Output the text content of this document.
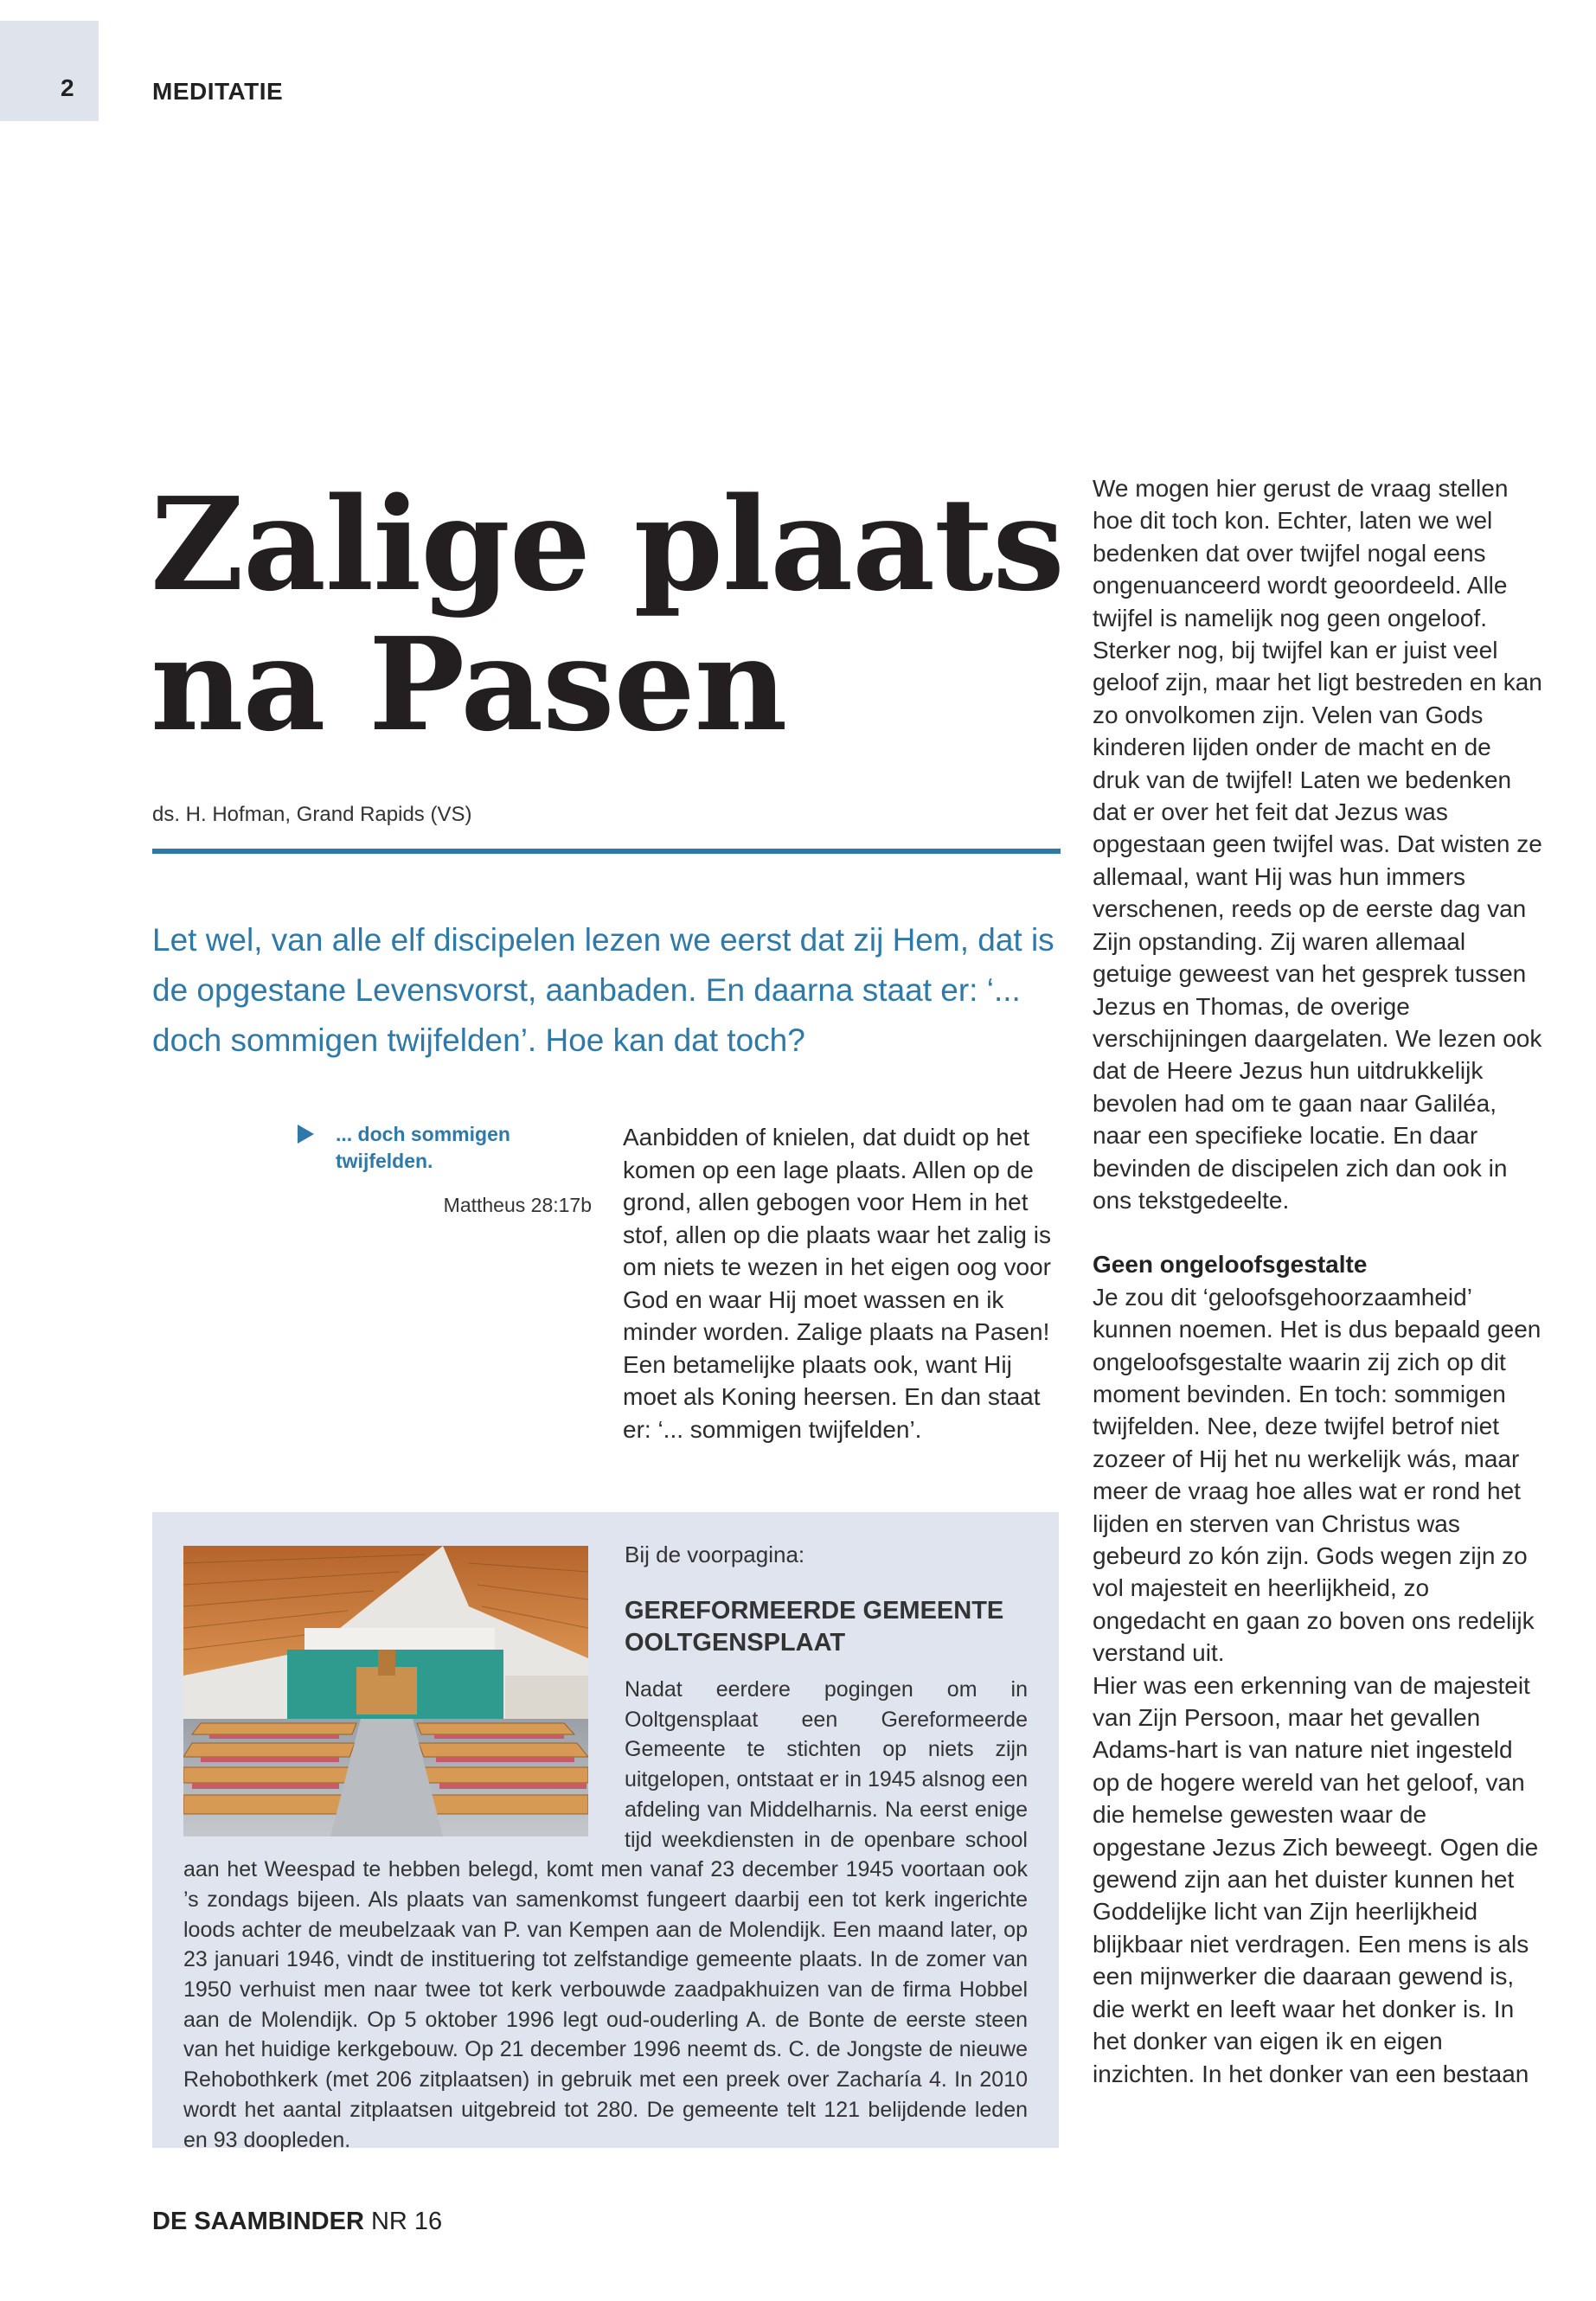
2	MEDITATIE
Zalige plaats
na Pasen
ds. H. Hofman, Grand Rapids (VS)

Let wel, van alle elf discipelen lezen we eerst dat zij Hem, dat is de opgestane Levensvorst, aanbaden. En daarna staat er: ‘... doch sommigen twijfelden’. Hoe kan dat toch?

... doch sommigen twijfelden.
Mattheus 28:17b

Aanbidden of knielen, dat duidt op het komen op een lage plaats. Allen op de grond, allen gebogen voor Hem in het stof, allen op die plaats waar het zalig is om niets te wezen in het eigen oog voor God en waar Hij moet wassen en ik minder worden. Zalige plaats na Pasen! Een betamelijke plaats ook, want Hij moet als Koning heersen. En dan staat er: ‘... sommigen twijfelden’.

Bij de voorpagina:
GEREFORMEERDE GEMEENTE OOLTGENSPLAAT
Nadat eerdere pogingen om in Ooltgensplaat een Gereformeerde Gemeente te stichten op niets zijn uitgelopen, ontstaat er in 1945 alsnog een afdeling van Middelharnis. Na eerst enige tijd weekdiensten in de openbare school aan het Weespad te hebben belegd, komt men vanaf 23 december 1945 voortaan ook ’s zondags bijeen. Als plaats van samenkomst fungeert daarbij een tot kerk ingerichte loods achter de meubelzaak van P. van Kempen aan de Molendijk. Een maand later, op 23 januari 1946, vindt de instituering tot zelfstandige gemeente plaats. In de zomer van 1950 verhuist men naar twee tot kerk verbouwde zaadpakhuizen van de firma Hobbel aan de Molendijk. Op 5 oktober 1996 legt oud-ouderling A. de Bonte de eerste steen van het huidige kerkgebouw. Op 21 december 1996 neemt ds. C. de Jongste de nieuwe Rehobothkerk (met 206 zitplaatsen) in gebruik met een preek over Zacharía 4. In 2010 wordt het aantal zitplaatsen uitgebreid tot 280. De gemeente telt 121 belijdende leden en 93 doopleden.

We mogen hier gerust de vraag stellen hoe dit toch kon. Echter, laten we wel bedenken dat over twijfel nogal eens ongenuanceerd wordt geoordeeld. Alle twijfel is namelijk nog geen ongeloof. Sterker nog, bij twijfel kan er juist veel geloof zijn, maar het ligt bestreden en kan zo onvolkomen zijn. Velen van Gods kinderen lijden onder de macht en de druk van de twijfel! Laten we bedenken dat er over het feit dat Jezus was opgestaan geen twijfel was. Dat wisten ze allemaal, want Hij was hun immers verschenen, reeds op de eerste dag van Zijn opstanding. Zij waren allemaal getuige geweest van het gesprek tussen Jezus en Thomas, de overige verschijningen daargelaten. We lezen ook dat de Heere Jezus hun uitdrukkelijk bevolen had om te gaan naar Galiléa, naar een specifieke locatie. En daar bevinden de discipelen zich dan ook in ons tekstgedeelte.

Geen ongeloofsgestalte

Je zou dit ‘geloofsgehoorzaamheid’ kunnen noemen. Het is dus bepaald geen ongeloofsgestalte waarin zij zich op dit moment bevinden. En toch: sommigen twijfelden. Nee, deze twijfel betrof niet zozeer of Hij het nu werkelijk wás, maar meer de vraag hoe alles wat er rond het lijden en sterven van Christus was gebeurd zo kón zijn. Gods wegen zijn zo vol majesteit en heerlijkheid, zo ongedacht en gaan zo boven ons redelijk verstand uit.

Hier was een erkenning van de majesteit van Zijn Persoon, maar het gevallen Adams-hart is van nature niet ingesteld op de hogere wereld van het geloof, van die hemelse gewesten waar de opgestane Jezus Zich beweegt. Ogen die gewend zijn aan het duister kunnen het Goddelijke licht van Zijn heerlijkheid blijkbaar niet verdragen. Een mens is als een mijnwerker die daaraan gewend is, die werkt en leeft waar het donker is. In het donker van eigen ik en eigen inzichten. In het donker van een bestaan

DE SAAMBINDER NR 16
